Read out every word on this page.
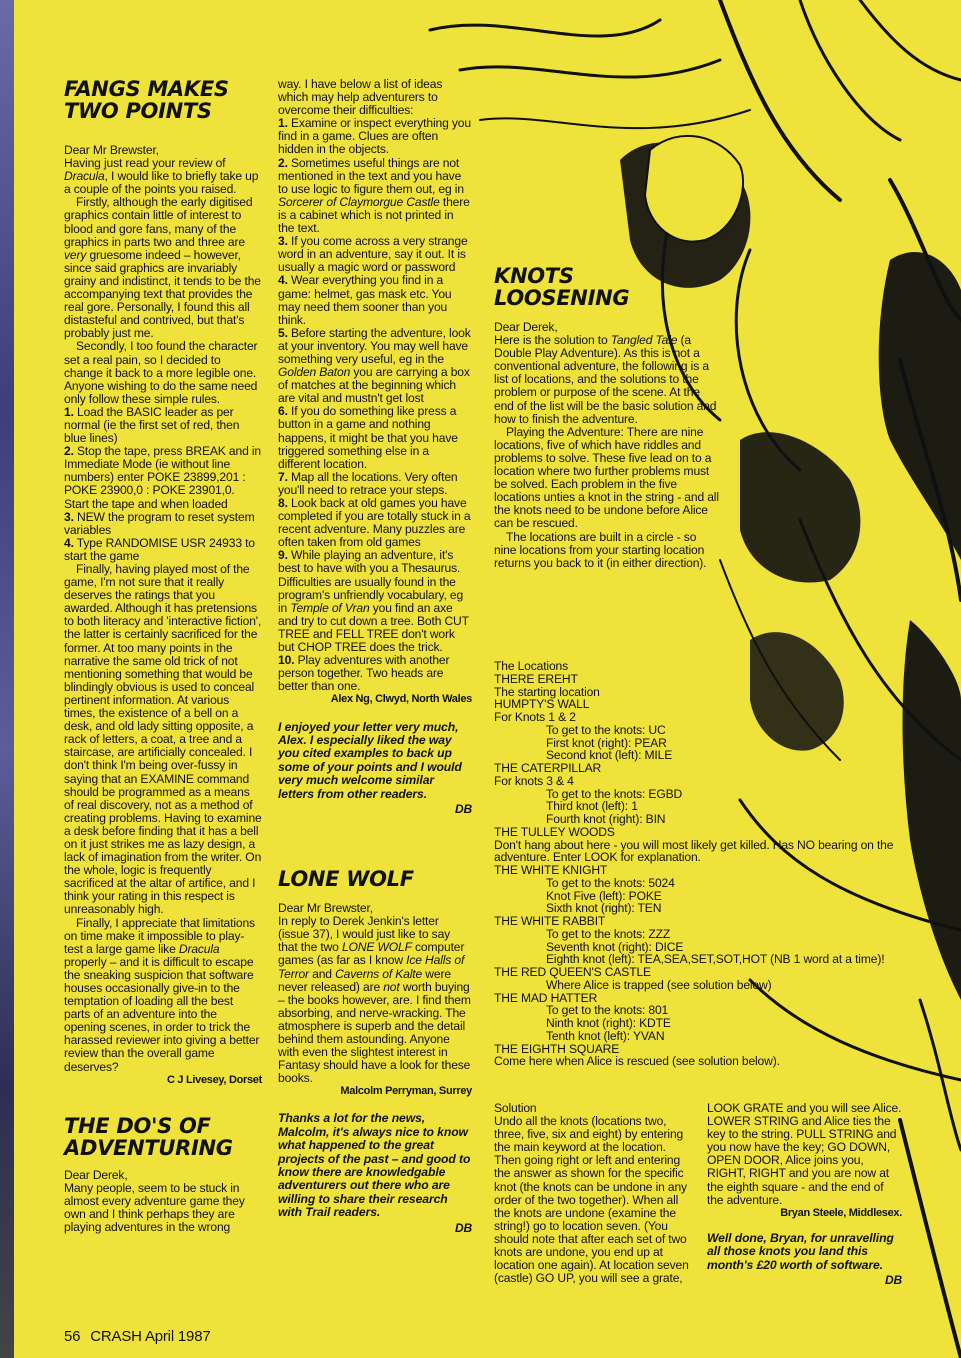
FANGS MAKES
TWO POINTS

Dear Mr Brewster,

Having just read your review of Dracula, I would like to briefly take up a couple of the points you raised.

Firstly, although the early digitised graphics contain little of interest to blood and gore fans, many of the graphics in parts two and three are very gruesome indeed – however, since said graphics are invariably grainy and indistinct, it tends to be the accompanying text that provides the real gore. Personally, I found this all distasteful and contrived, but that's probably just me.

Secondly, I too found the character set a real pain, so I decided to change it back to a more legible one. Anyone wishing to do the same need only follow these simple rules.

1. Load the BASIC leader as per normal (ie the first set of red, then blue lines)

2. Stop the tape, press BREAK and in Immediate Mode (ie without line numbers) enter POKE 23899,201 : POKE 23900,0 : POKE 23901,0. Start the tape and when loaded

3. NEW the program to reset system variables

4. Type RANDOMISE USR 24933 to start the game

Finally, having played most of the game, I'm not sure that it really deserves the ratings that you awarded. Although it has pretensions to both literacy and 'interactive fiction', the latter is certainly sacrificed for the former. At too many points in the narrative the same old trick of not mentioning something that would be blindingly obvious is used to conceal pertinent information. At various times, the existence of a bell on a desk, and old lady sitting opposite, a rack of letters, a coat, a tree and a staircase, are artificially concealed. I don't think I'm being over-fussy in saying that an EXAMINE command should be programmed as a means of real discovery, not as a method of creating problems. Having to examine a desk before finding that it has a bell on it just strikes me as lazy design, a lack of imagination from the writer. On the whole, logic is frequently sacrificed at the altar of artifice, and I think your rating in this respect is unreasonably high.

Finally, I appreciate that limitations on time make it impossible to play-test a large game like Dracula properly – and it is difficult to escape the sneaking suspicion that software houses occasionally give-in to the temptation of loading all the best parts of an adventure into the opening scenes, in order to trick the harassed reviewer into giving a better review than the overall game deserves?

C J Livesey, Dorset
THE DO'S OF
ADVENTURING

Dear Derek,

Many people, seem to be stuck in almost every adventure game they own and I think perhaps they are playing adventures in the wrong

way. I have below a list of ideas which may help adventurers to overcome their difficulties:

1. Examine or inspect everything you find in a game. Clues are often hidden in the objects.

2. Sometimes useful things are not mentioned in the text and you have to use logic to figure them out, eg in Sorcerer of Claymorgue Castle there is a cabinet which is not printed in the text.

3. If you come across a very strange word in an adventure, say it out. It is usually a magic word or password

4. Wear everything you find in a game: helmet, gas mask etc. You may need them sooner than you think.

5. Before starting the adventure, look at your inventory. You may well have something very useful, eg in the Golden Baton you are carrying a box of matches at the beginning which are vital and mustn't get lost

6. If you do something like press a button in a game and nothing happens, it might be that you have triggered something else in a different location.

7. Map all the locations. Very often you'll need to retrace your steps.

8. Look back at old games you have completed if you are totally stuck in a recent adventure. Many puzzles are often taken from old games

9. While playing an adventure, it's best to have with you a Thesaurus. Difficulties are usually found in the program's unfriendly vocabulary, eg in Temple of Vran you find an axe and try to cut down a tree. Both CUT TREE and FELL TREE don't work but CHOP TREE does the trick.

10. Play adventures with another person together. Two heads are better than one.

Alex Ng, Clwyd, North Wales

I enjoyed your letter very much, Alex. I especially liked the way you cited examples to back up some of your points and I would very much welcome similar letters from other readers.

DB
LONE WOLF

Dear Mr Brewster,

In reply to Derek Jenkin's letter (issue 37), I would just like to say that the two LONE WOLF computer games (as far as I know Ice Halls of Terror and Caverns of Kalte were never released) are not worth buying – the books however, are. I find them absorbing, and nerve-wracking. The atmosphere is superb and the detail behind them astounding. Anyone with even the slightest interest in Fantasy should have a look for these books.

Malcolm Perryman, Surrey

Thanks a lot for the news, Malcolm, it's always nice to know what happened to the great projects of the past – and good to know there are knowledgable adventurers out there who are willing to share their research with Trail readers.

DB
KNOTS
LOOSENING

Dear Derek,

Here is the solution to Tangled Tale (a Double Play Adventure). As this is not a conventional adventure, the following is a list of locations, and the solutions to the problem or purpose of the scene. At the end of the list will be the basic solution and how to finish the adventure.

Playing the Adventure: There are nine locations, five of which have riddles and problems to solve. These five lead on to a location where two further problems must be solved. Each problem in the five locations unties a knot in the string - and all the knots need to be undone before Alice can be rescued.

The locations are built in a circle - so nine locations from your starting location returns you back to it (in either direction).

The Locations

THERE EREHT

The starting location

HUMPTY'S WALL

For Knots 1 & 2

To get to the knots: UC

First knot (right): PEAR

Second knot (left): MILE

THE CATERPILLAR

For knots 3 & 4

To get to the knots: EGBD

Third knot (left): 1

Fourth knot (right): BIN

THE TULLEY WOODS

Don't hang about here - you will most likely get killed. Has NO bearing on the adventure. Enter LOOK for explanation.

THE WHITE KNIGHT

To get to the knots: 5024

Knot Five (left): POKE

Sixth knot (right): TEN

THE WHITE RABBIT

To get to the knots: ZZZ

Seventh knot (right): DICE

Eighth knot (left): TEA,SEA,SET,SOT,HOT (NB 1 word at a time)!

THE RED QUEEN'S CASTLE

Where Alice is trapped (see solution below)

THE MAD HATTER

To get to the knots: 801

Ninth knot (right): KDTE

Tenth knot (left): YVAN

THE EIGHTH SQUARE

Come here when Alice is rescued (see solution below).

Solution

Undo all the knots (locations two, three, five, six and eight) by entering the main keyword at the location. Then going right or left and entering the answer as shown for the specific knot (the knots can be undone in any order of the two together). When all the knots are undone (examine the string!) go to location seven. (You should note that after each set of two knots are undone, you end up at location one again). At location seven (castle) GO UP, you will see a grate,

LOOK GRATE and you will see Alice. LOWER STRING and Alice ties the key to the string. PULL STRING and you now have the key; GO DOWN, OPEN DOOR, Alice joins you, RIGHT, RIGHT and you are now at the eighth square - and the end of the adventure.

Bryan Steele, Middlesex.

Well done, Bryan, for unravelling all those knots you land this month's £20 worth of software.

DB
56 CRASH April 1987
